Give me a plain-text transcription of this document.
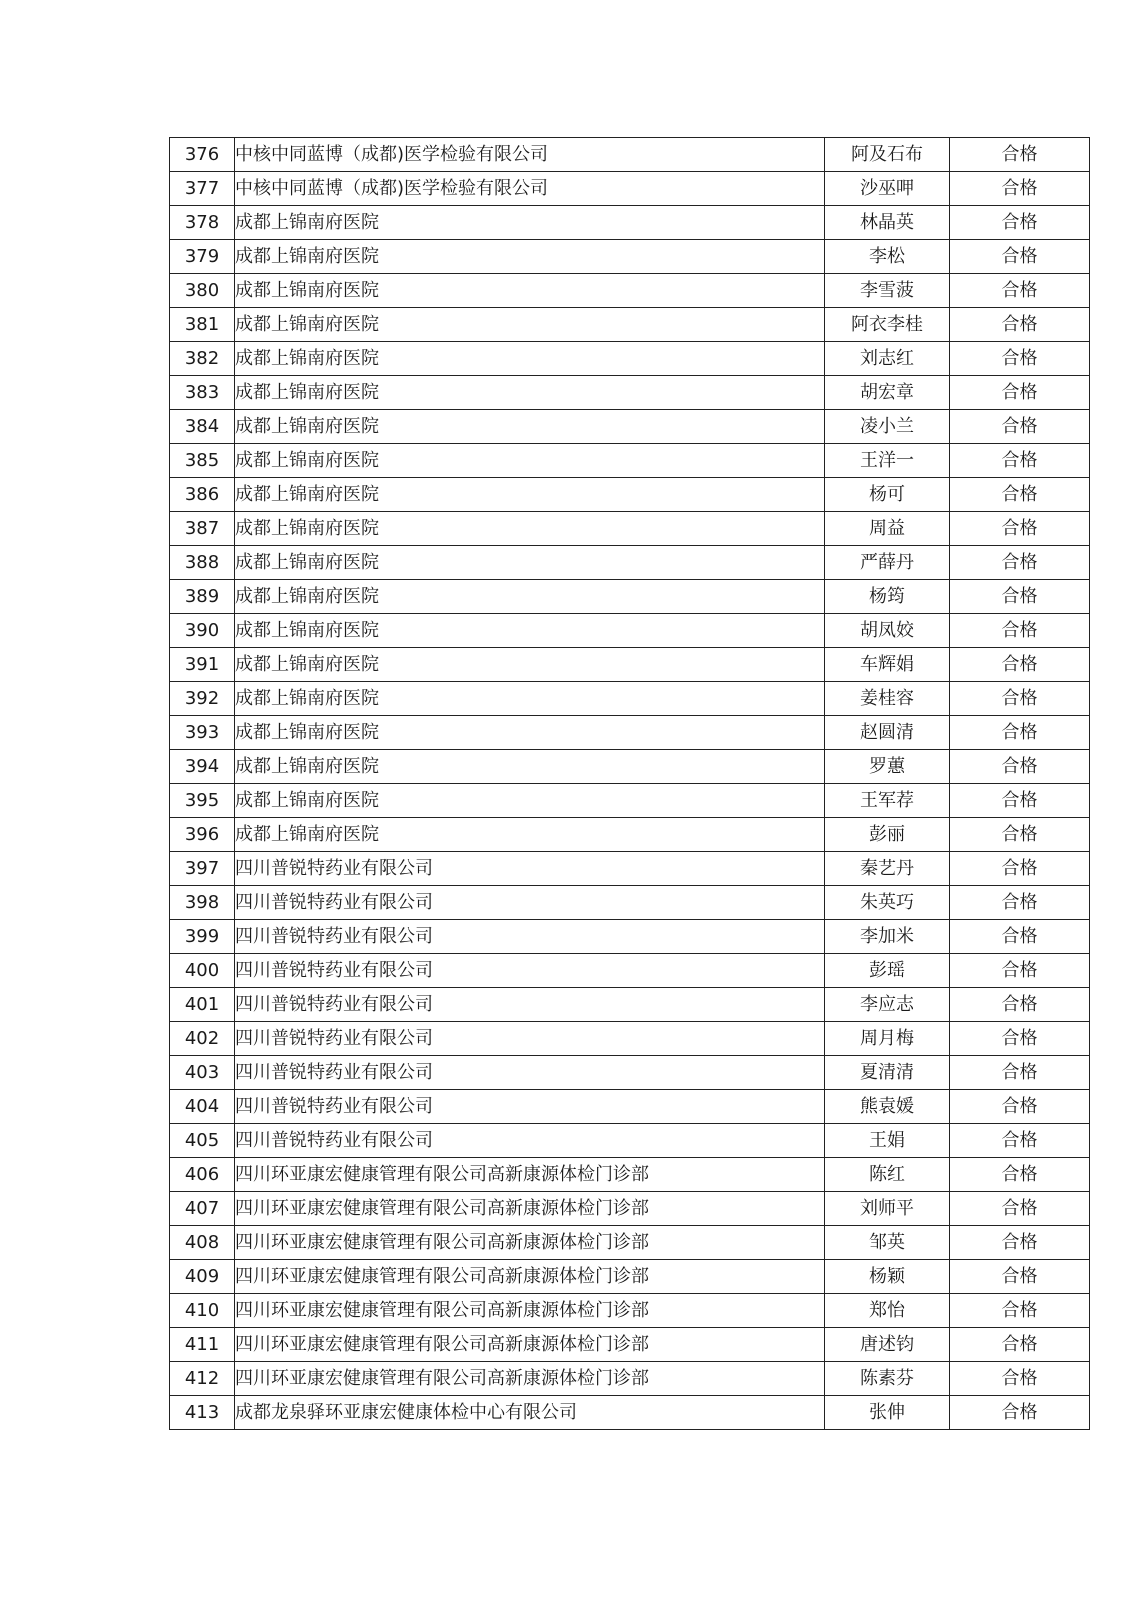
376	中核中同蓝博（成都)医学检验有限公司	阿及石布	合格
377	中核中同蓝博（成都)医学检验有限公司	沙巫呷	合格
378	成都上锦南府医院	林晶英	合格
379	成都上锦南府医院	李松	合格
380	成都上锦南府医院	李雪菠	合格
381	成都上锦南府医院	阿衣李桂	合格
382	成都上锦南府医院	刘志红	合格
383	成都上锦南府医院	胡宏章	合格
384	成都上锦南府医院	凌小兰	合格
385	成都上锦南府医院	王洋一	合格
386	成都上锦南府医院	杨可	合格
387	成都上锦南府医院	周益	合格
388	成都上锦南府医院	严薛丹	合格
389	成都上锦南府医院	杨筠	合格
390	成都上锦南府医院	胡凤姣	合格
391	成都上锦南府医院	车辉娟	合格
392	成都上锦南府医院	姜桂容	合格
393	成都上锦南府医院	赵圆清	合格
394	成都上锦南府医院	罗蕙	合格
395	成都上锦南府医院	王军荐	合格
396	成都上锦南府医院	彭丽	合格
397	四川普锐特药业有限公司	秦艺丹	合格
398	四川普锐特药业有限公司	朱英巧	合格
399	四川普锐特药业有限公司	李加米	合格
400	四川普锐特药业有限公司	彭瑶	合格
401	四川普锐特药业有限公司	李应志	合格
402	四川普锐特药业有限公司	周月梅	合格
403	四川普锐特药业有限公司	夏清清	合格
404	四川普锐特药业有限公司	熊袁媛	合格
405	四川普锐特药业有限公司	王娟	合格
406	四川环亚康宏健康管理有限公司高新康源体检门诊部	陈红	合格
407	四川环亚康宏健康管理有限公司高新康源体检门诊部	刘师平	合格
408	四川环亚康宏健康管理有限公司高新康源体检门诊部	邹英	合格
409	四川环亚康宏健康管理有限公司高新康源体检门诊部	杨颖	合格
410	四川环亚康宏健康管理有限公司高新康源体检门诊部	郑怡	合格
411	四川环亚康宏健康管理有限公司高新康源体检门诊部	唐述钧	合格
412	四川环亚康宏健康管理有限公司高新康源体检门诊部	陈素芬	合格
413	成都龙泉驿环亚康宏健康体检中心有限公司	张伸	合格
